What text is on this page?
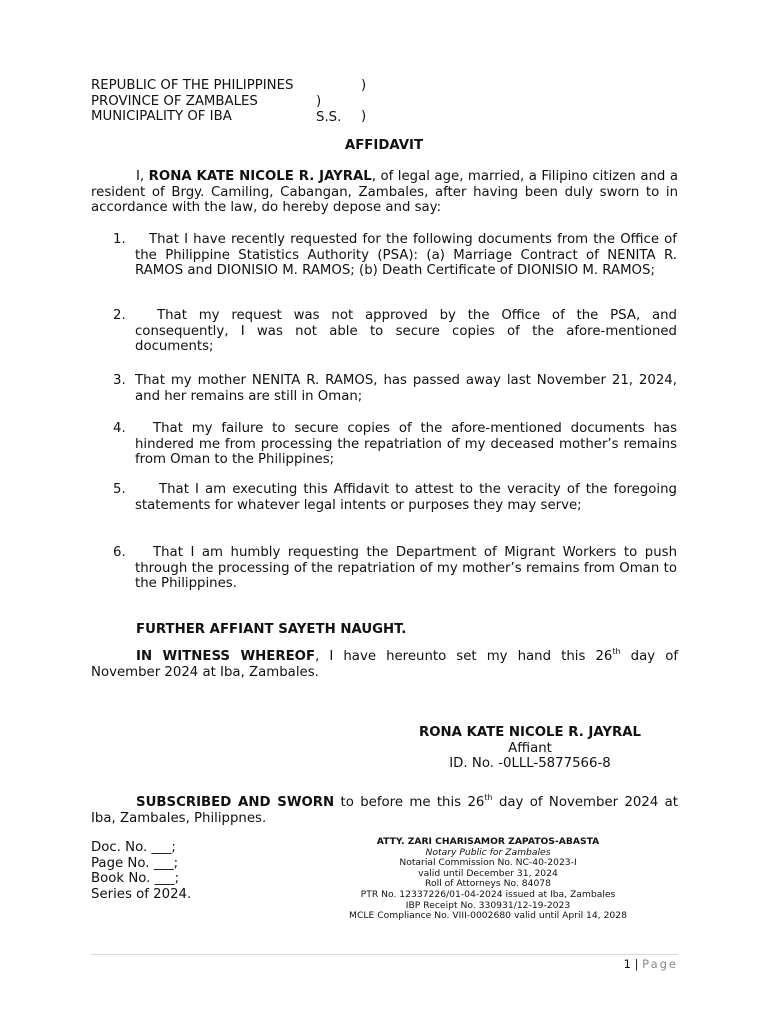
REPUBLIC OF THE PHILIPPINES	)
PROVINCE OF ZAMBALES	) S.S.
MUNICIPALITY OF IBA	)
AFFIDAVIT
I, RONA KATE NICOLE R. JAYRAL, of legal age, married, a Filipino citizen and a resident of Brgy. Camiling, Cabangan, Zambales, after having been duly sworn to in accordance with the law, do hereby depose and say:
1.	That I have recently requested for the following documents from the Office of the Philippine Statistics Authority (PSA): (a) Marriage Contract of NENITA R. RAMOS and DIONISIO M. RAMOS; (b) Death Certificate of DIONISIO M. RAMOS;
2.	That my request was not approved by the Office of the PSA, and consequently, I was not able to secure copies of the afore-mentioned documents;
3. That my mother NENITA R. RAMOS, has passed away last November 21, 2024, and her remains are still in Oman;
4.	That my failure to secure copies of the afore-mentioned documents has hindered me from processing the repatriation of my deceased mother’s remains from Oman to the Philippines;
5.	That I am executing this Affidavit to attest to the veracity of the foregoing statements for whatever legal intents or purposes they may serve;
6.	That I am humbly requesting the Department of Migrant Workers to push through the processing of the repatriation of my mother’s remains from Oman to the Philippines.
FURTHER AFFIANT SAYETH NAUGHT.
IN WITNESS WHEREOF, I have hereunto set my hand this 26th day of November 2024 at Iba, Zambales.
RONA KATE NICOLE R. JAYRAL
Affiant
ID. No. -0LLL-5877566-8
SUBSCRIBED AND SWORN to before me this 26th day of November 2024 at Iba, Zambales, Philippnes.
Doc. No. ___;
Page No. ___;
Book No. ___;
Series of 2024.
ATTY. ZARI CHARISAMOR ZAPATOS-ABASTA
Notary Public for Zambales
Notarial Commission No. NC-40-2023-I
valid until December 31, 2024
Roll of Attorneys No. 84078
PTR No. 12337226/01-04-2024 issued at Iba, Zambales
IBP Receipt No. 330931/12-19-2023
MCLE Compliance No. VIII-0002680 valid until April 14, 2028
1 | Page
